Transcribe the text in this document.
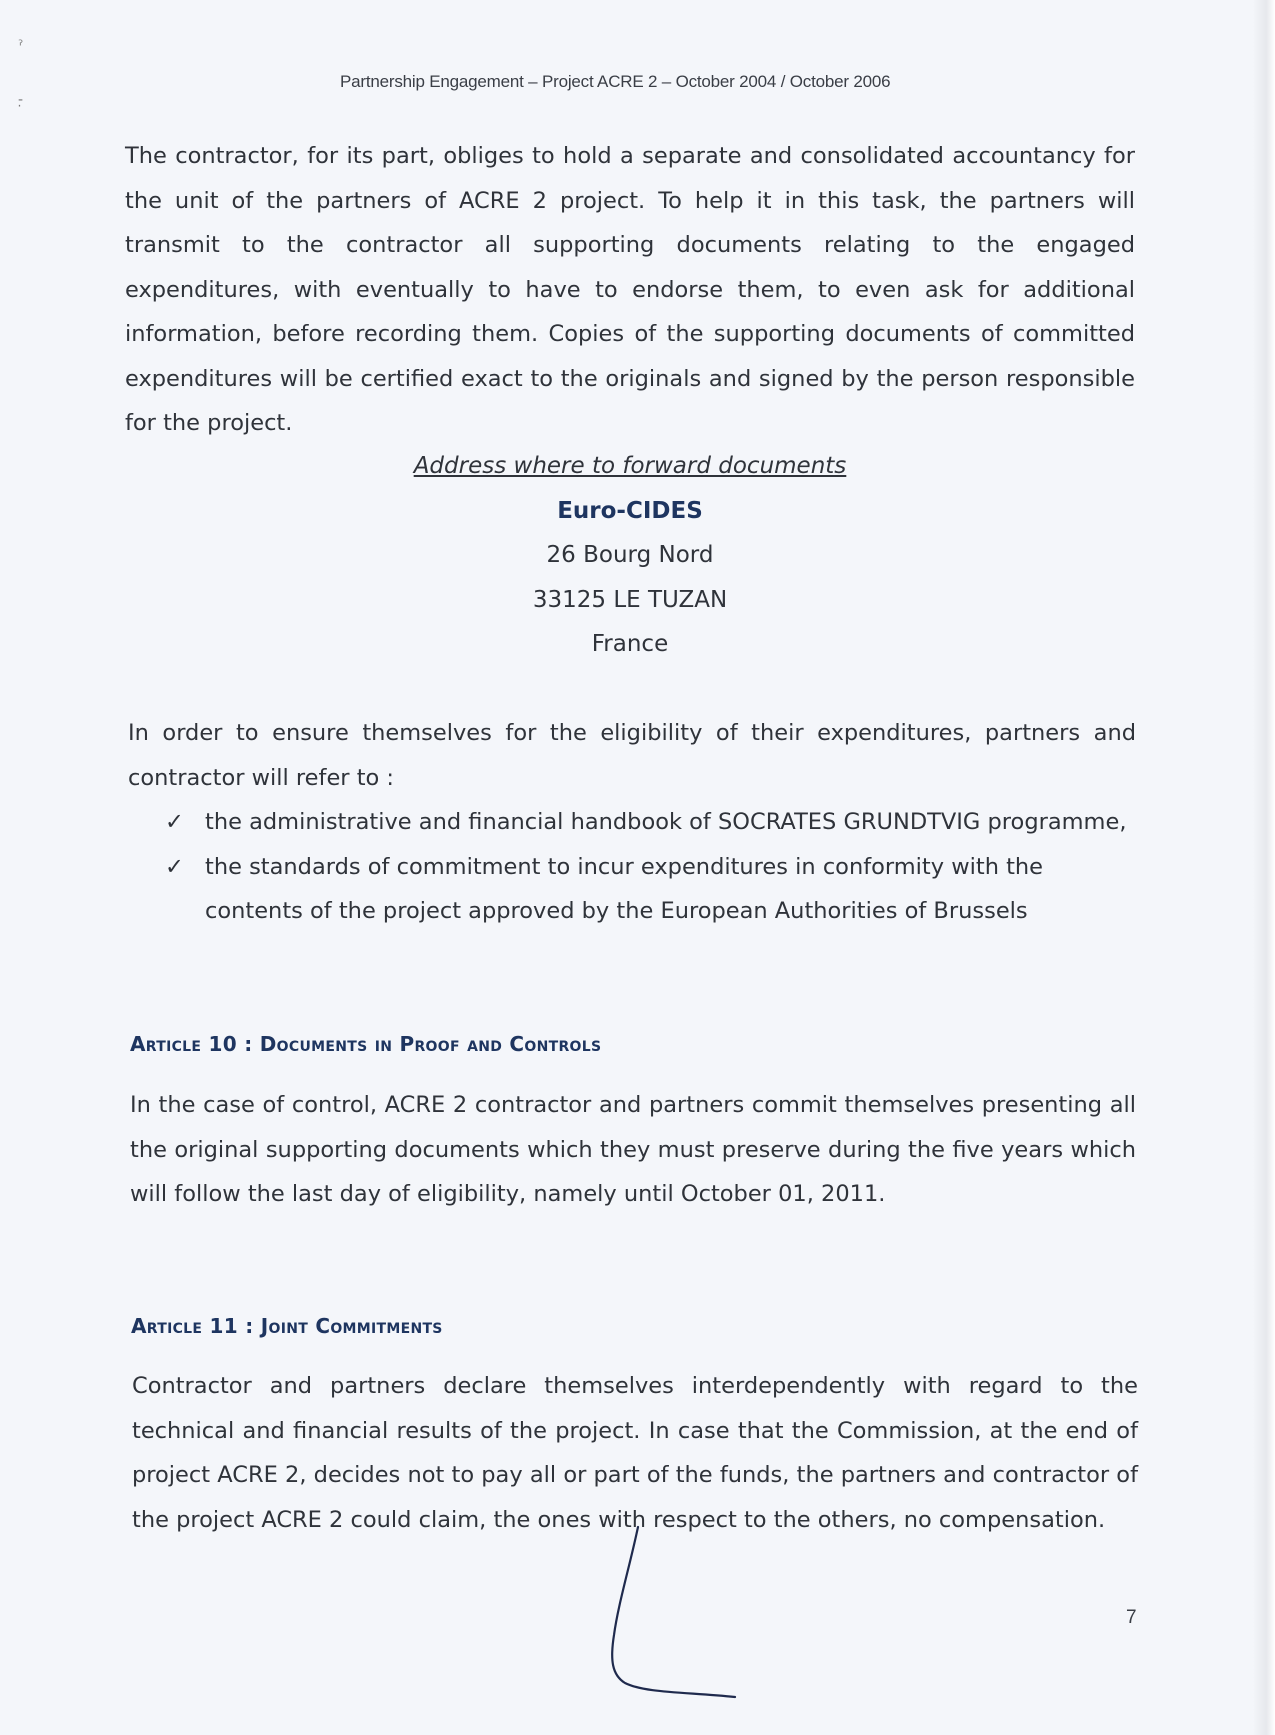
ˀ
-̣
Partnership Engagement – Project ACRE 2 – October 2004 / October 2006

The contractor, for its part, obliges to hold a separate and consolidated accountancy for the unit of the partners of ACRE 2 project. To help it in this task, the partners will transmit to the contractor all supporting documents relating to the engaged expenditures, with eventually to have to endorse them, to even ask for additional information, before recording them. Copies of the supporting documents of committed expenditures will be certified exact to the originals and signed by the person responsible for the project.

Address where to forward documents
Euro-CIDES
26 Bourg Nord
33125 LE TUZAN
France

In order to ensure themselves for the eligibility of their expenditures, partners and contractor will refer to :

✓ the administrative and financial handbook of SOCRATES GRUNDTVIG programme,
✓ the standards of commitment to incur expenditures in conformity with the contents of the project approved by the European Authorities of Brussels
Article 10 : Documents in Proof and Controls

In the case of control, ACRE 2 contractor and partners commit themselves presenting all the original supporting documents which they must preserve during the five years which will follow the last day of eligibility, namely until October 01, 2011.

Article 11 : Joint Commitments

Contractor and partners declare themselves interdependently with regard to the technical and financial results of the project. In case that the Commission, at the end of project ACRE 2, decides not to pay all or part of the funds, the partners and contractor of the project ACRE 2 could claim, the ones with respect to the others, no compensation.

7
